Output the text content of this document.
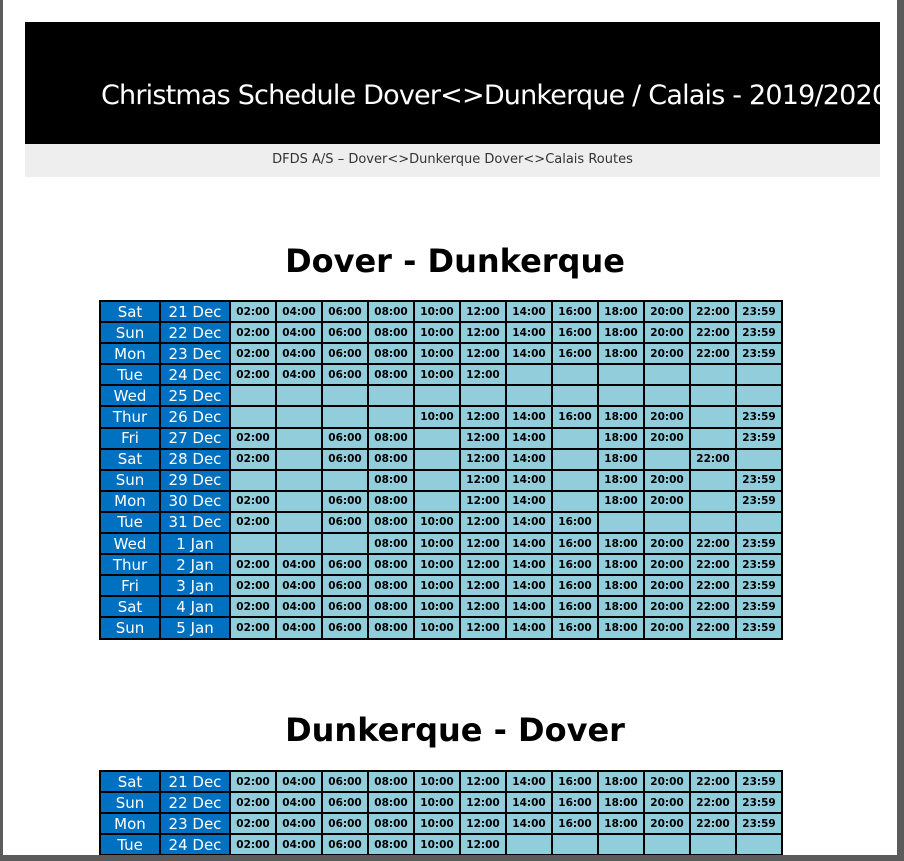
Christmas Schedule Dover<>Dunkerque / Calais - 2019/2020
DFDS A/S – Dover<>Dunkerque Dover<>Calais Routes
Dover - Dunkerque
Sat	21 Dec	02:00	04:00	06:00	08:00	10:00	12:00	14:00	16:00	18:00	20:00	22:00	23:59
Sun	22 Dec	02:00	04:00	06:00	08:00	10:00	12:00	14:00	16:00	18:00	20:00	22:00	23:59
Mon	23 Dec	02:00	04:00	06:00	08:00	10:00	12:00	14:00	16:00	18:00	20:00	22:00	23:59
Tue	24 Dec	02:00	04:00	06:00	08:00	10:00	12:00						
Wed	25 Dec												
Thur	26 Dec					10:00	12:00	14:00	16:00	18:00	20:00		23:59
Fri	27 Dec	02:00		06:00	08:00		12:00	14:00		18:00	20:00		23:59
Sat	28 Dec	02:00		06:00	08:00		12:00	14:00		18:00		22:00	
Sun	29 Dec				08:00		12:00	14:00		18:00	20:00		23:59
Mon	30 Dec	02:00		06:00	08:00		12:00	14:00		18:00	20:00		23:59
Tue	31 Dec	02:00		06:00	08:00	10:00	12:00	14:00	16:00				
Wed	1 Jan				08:00	10:00	12:00	14:00	16:00	18:00	20:00	22:00	23:59
Thur	2 Jan	02:00	04:00	06:00	08:00	10:00	12:00	14:00	16:00	18:00	20:00	22:00	23:59
Fri	3 Jan	02:00	04:00	06:00	08:00	10:00	12:00	14:00	16:00	18:00	20:00	22:00	23:59
Sat	4 Jan	02:00	04:00	06:00	08:00	10:00	12:00	14:00	16:00	18:00	20:00	22:00	23:59
Sun	5 Jan	02:00	04:00	06:00	08:00	10:00	12:00	14:00	16:00	18:00	20:00	22:00	23:59
Dunkerque - Dover
Sat	21 Dec	02:00	04:00	06:00	08:00	10:00	12:00	14:00	16:00	18:00	20:00	22:00	23:59
Sun	22 Dec	02:00	04:00	06:00	08:00	10:00	12:00	14:00	16:00	18:00	20:00	22:00	23:59
Mon	23 Dec	02:00	04:00	06:00	08:00	10:00	12:00	14:00	16:00	18:00	20:00	22:00	23:59
Tue	24 Dec	02:00	04:00	06:00	08:00	10:00	12:00						
